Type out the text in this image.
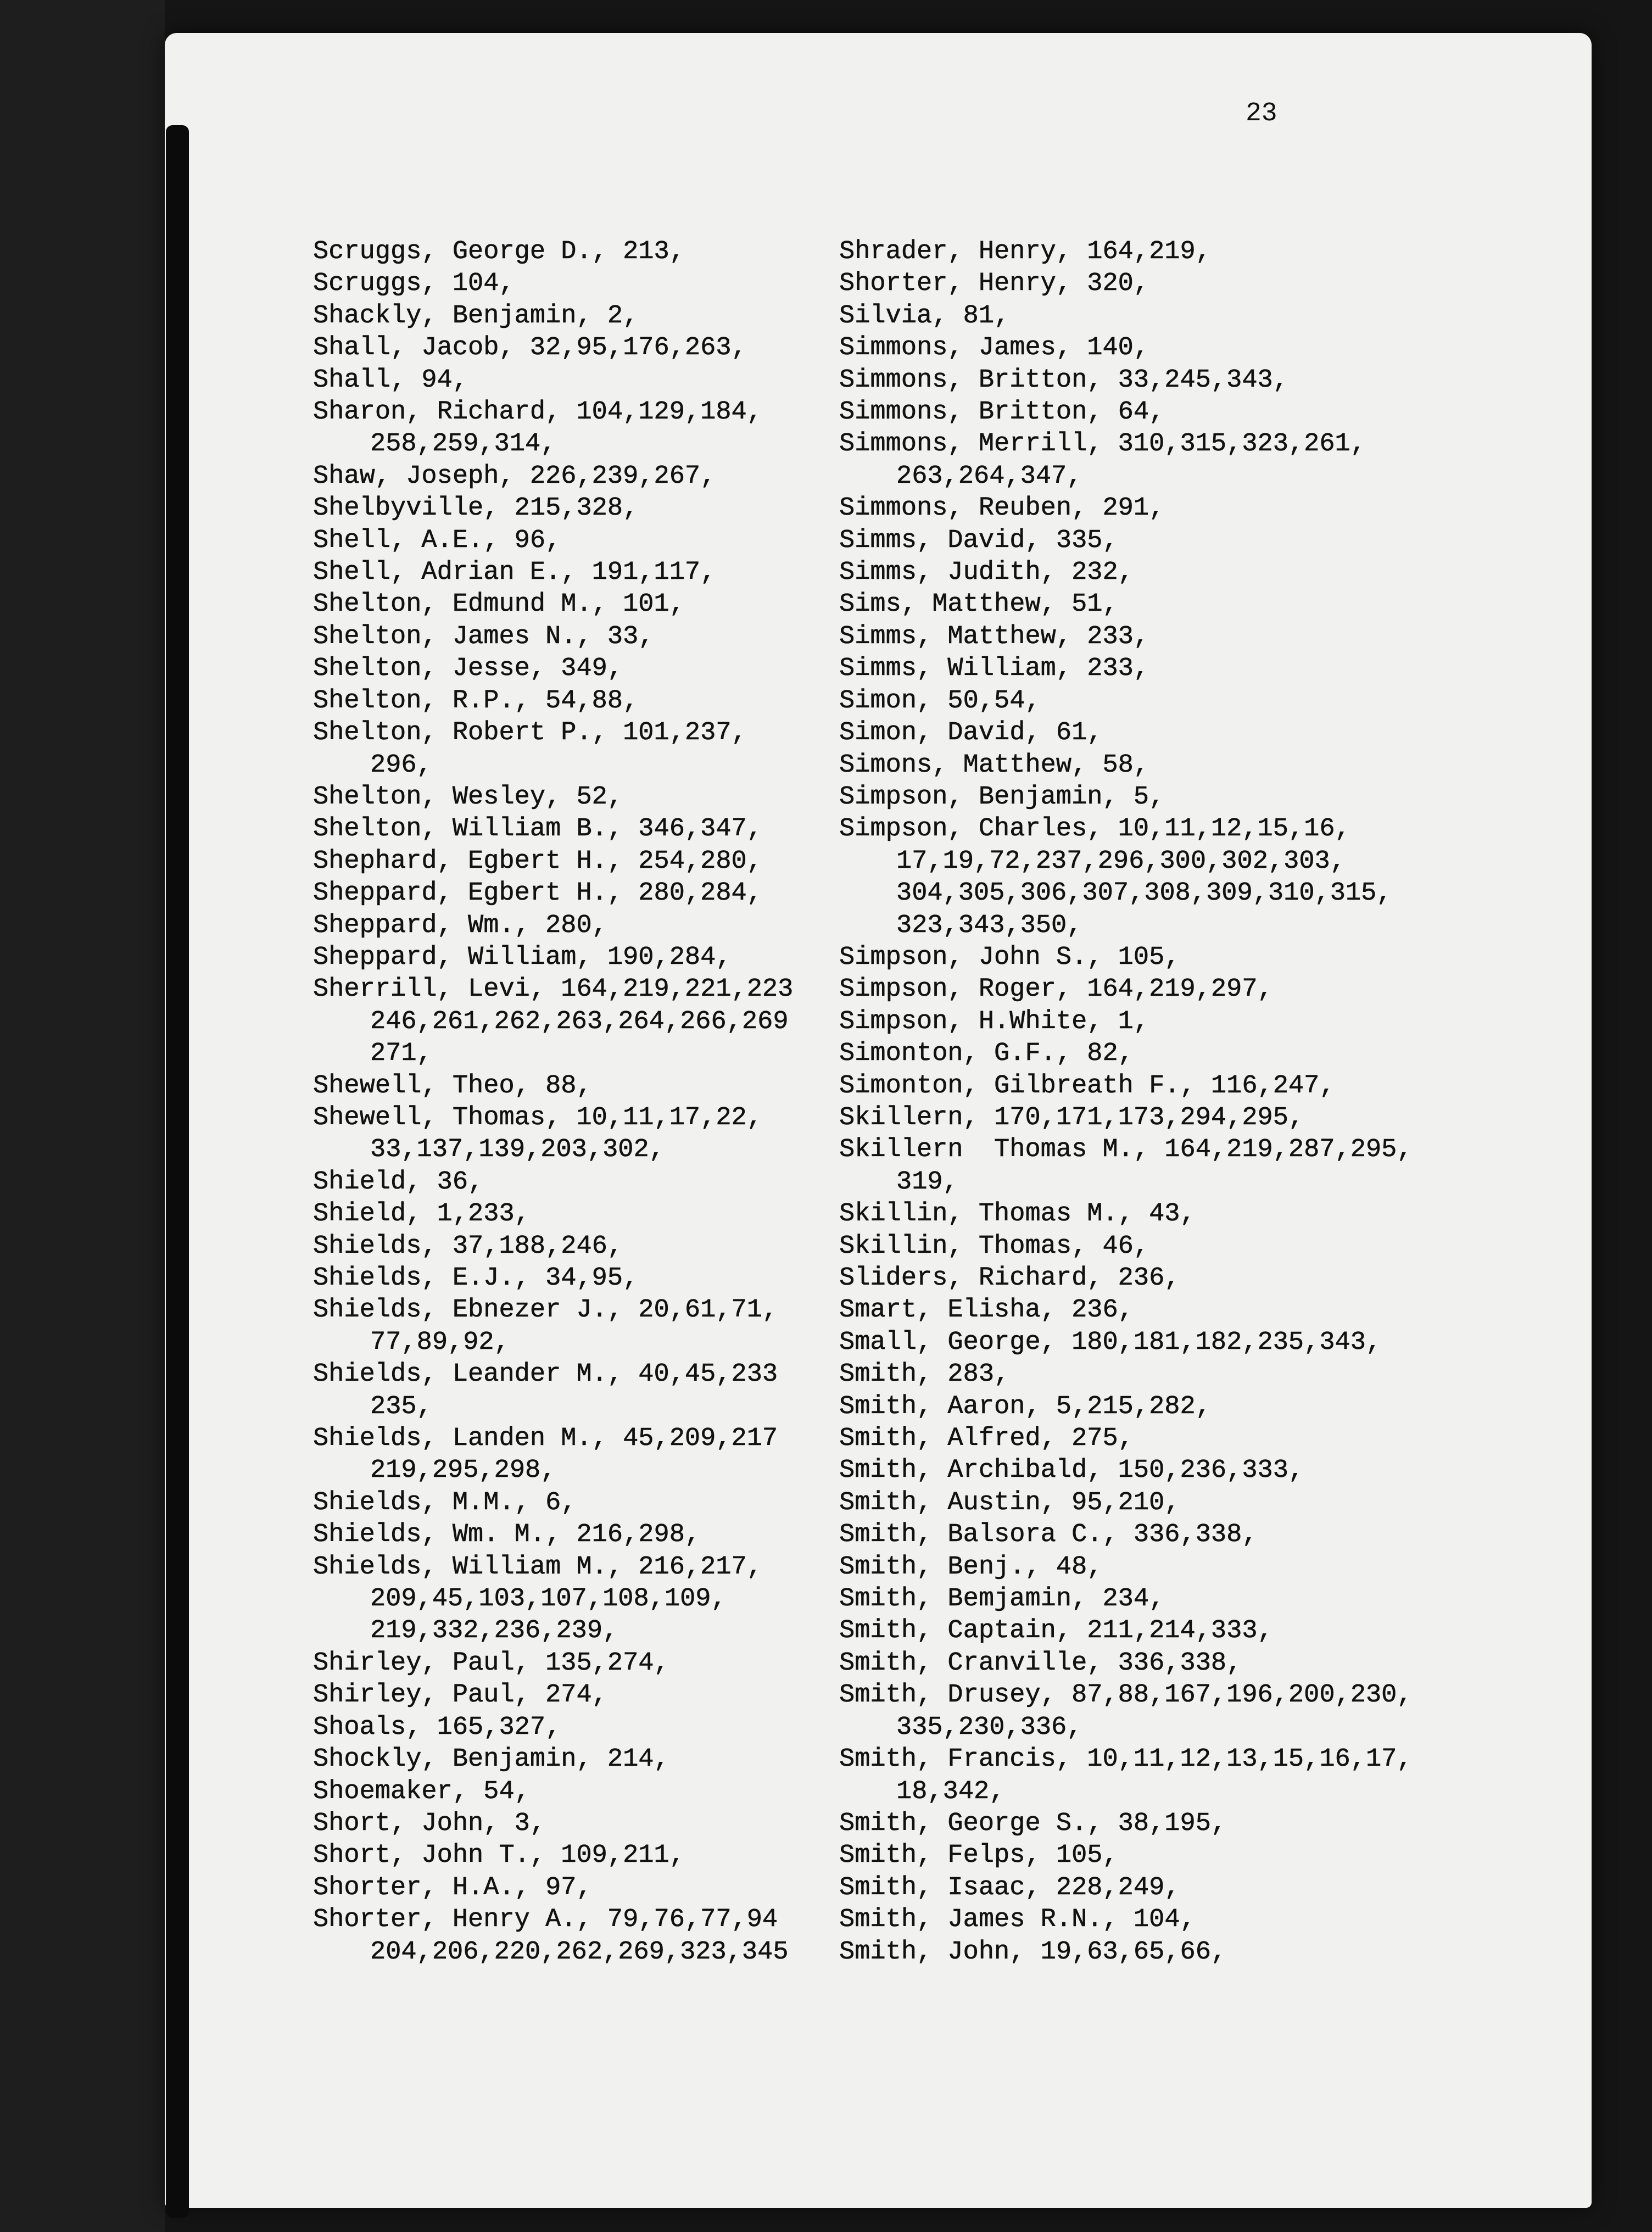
23
Scruggs, George D., 213,
Scruggs, 104,
Shackly, Benjamin, 2,
Shall, Jacob, 32,95,176,263,
Shall, 94,
Sharon, Richard, 104,129,184,
258,259,314,
Shaw, Joseph, 226,239,267,
Shelbyville, 215,328,
Shell, A.E., 96,
Shell, Adrian E., 191,117,
Shelton, Edmund M., 101,
Shelton, James N., 33,
Shelton, Jesse, 349,
Shelton, R.P., 54,88,
Shelton, Robert P., 101,237,
296,
Shelton, Wesley, 52,
Shelton, William B., 346,347,
Shephard, Egbert H., 254,280,
Sheppard, Egbert H., 280,284,
Sheppard, Wm., 280,
Sheppard, William, 190,284,
Sherrill, Levi, 164,219,221,223
246,261,262,263,264,266,269
271,
Shewell, Theo, 88,
Shewell, Thomas, 10,11,17,22,
33,137,139,203,302,
Shield, 36,
Shield, 1,233,
Shields, 37,188,246,
Shields, E.J., 34,95,
Shields, Ebnezer J., 20,61,71,
77,89,92,
Shields, Leander M., 40,45,233
235,
Shields, Landen M., 45,209,217
219,295,298,
Shields, M.M., 6,
Shields, Wm. M., 216,298,
Shields, William M., 216,217,
209,45,103,107,108,109,
219,332,236,239,
Shirley, Paul, 135,274,
Shirley, Paul, 274,
Shoals, 165,327,
Shockly, Benjamin, 214,
Shoemaker, 54,
Short, John, 3,
Short, John T., 109,211,
Shorter, H.A., 97,
Shorter, Henry A., 79,76,77,94
204,206,220,262,269,323,345
Shrader, Henry, 164,219,
Shorter, Henry, 320,
Silvia, 81,
Simmons, James, 140,
Simmons, Britton, 33,245,343,
Simmons, Britton, 64,
Simmons, Merrill, 310,315,323,261,
263,264,347,
Simmons, Reuben, 291,
Simms, David, 335,
Simms, Judith, 232,
Sims, Matthew, 51,
Simms, Matthew, 233,
Simms, William, 233,
Simon, 50,54,
Simon, David, 61,
Simons, Matthew, 58,
Simpson, Benjamin, 5,
Simpson, Charles, 10,11,12,15,16,
17,19,72,237,296,300,302,303,
304,305,306,307,308,309,310,315,
323,343,350,
Simpson, John S., 105,
Simpson, Roger, 164,219,297,
Simpson, H.White, 1,
Simonton, G.F., 82,
Simonton, Gilbreath F., 116,247,
Skillern, 170,171,173,294,295,
Skillern  Thomas M., 164,219,287,295,
319,
Skillin, Thomas M., 43,
Skillin, Thomas, 46,
Sliders, Richard, 236,
Smart, Elisha, 236,
Small, George, 180,181,182,235,343,
Smith, 283,
Smith, Aaron, 5,215,282,
Smith, Alfred, 275,
Smith, Archibald, 150,236,333,
Smith, Austin, 95,210,
Smith, Balsora C., 336,338,
Smith, Benj., 48,
Smith, Bemjamin, 234,
Smith, Captain, 211,214,333,
Smith, Cranville, 336,338,
Smith, Drusey, 87,88,167,196,200,230,
335,230,336,
Smith, Francis, 10,11,12,13,15,16,17,
18,342,
Smith, George S., 38,195,
Smith, Felps, 105,
Smith, Isaac, 228,249,
Smith, James R.N., 104,
Smith, John, 19,63,65,66,
